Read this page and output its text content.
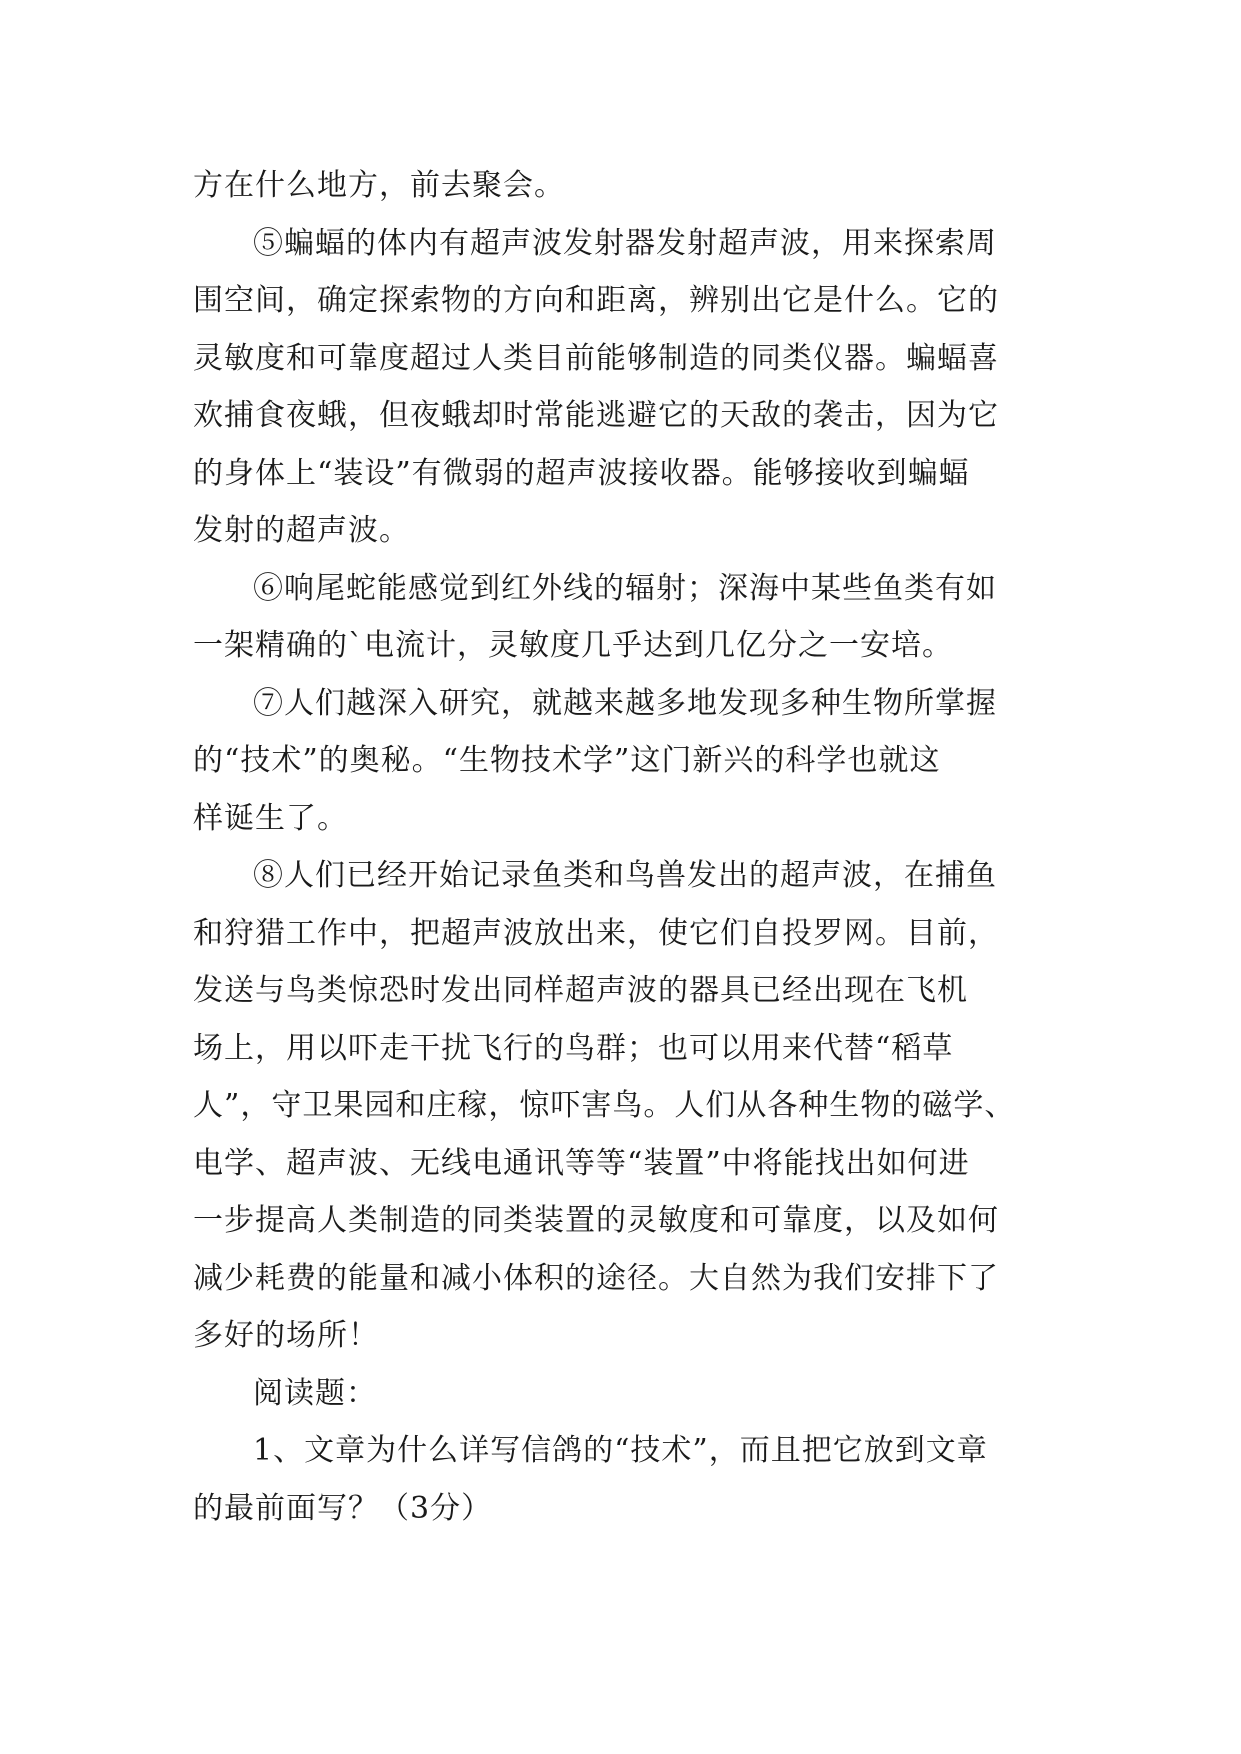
方在什么地方，前去聚会。
⑤蝙蝠的体内有超声波发射器发射超声波，用来探索周
围空间，确定探索物的方向和距离，辨别出它是什么。它的
灵敏度和可靠度超过人类目前能够制造的同类仪器。蝙蝠喜
欢捕食夜蛾，但夜蛾却时常能逃避它的天敌的袭击，因为它
的身体上“装设”有微弱的超声波接收器。能够接收到蝙蝠
发射的超声波。
⑥响尾蛇能感觉到红外线的辐射；深海中某些鱼类有如
一架精确的`电流计，灵敏度几乎达到几亿分之一安培。
⑦人们越深入研究，就越来越多地发现多种生物所掌握
的“技术”的奥秘。“生物技术学”这门新兴的科学也就这
样诞生了。
⑧人们已经开始记录鱼类和鸟兽发出的超声波，在捕鱼
和狩猎工作中，把超声波放出来，使它们自投罗网。目前，
发送与鸟类惊恐时发出同样超声波的器具已经出现在飞机
场上，用以吓走干扰飞行的鸟群；也可以用来代替“稻草
人”，守卫果园和庄稼，惊吓害鸟。人们从各种生物的磁学、
电学、超声波、无线电通讯等等“装置”中将能找出如何进
一步提高人类制造的同类装置的灵敏度和可靠度，以及如何
减少耗费的能量和减小体积的途径。大自然为我们安排下了
多好的场所！
阅读题：
1、文章为什么详写信鸽的“技术”，而且把它放到文章
的最前面写？（3分）
